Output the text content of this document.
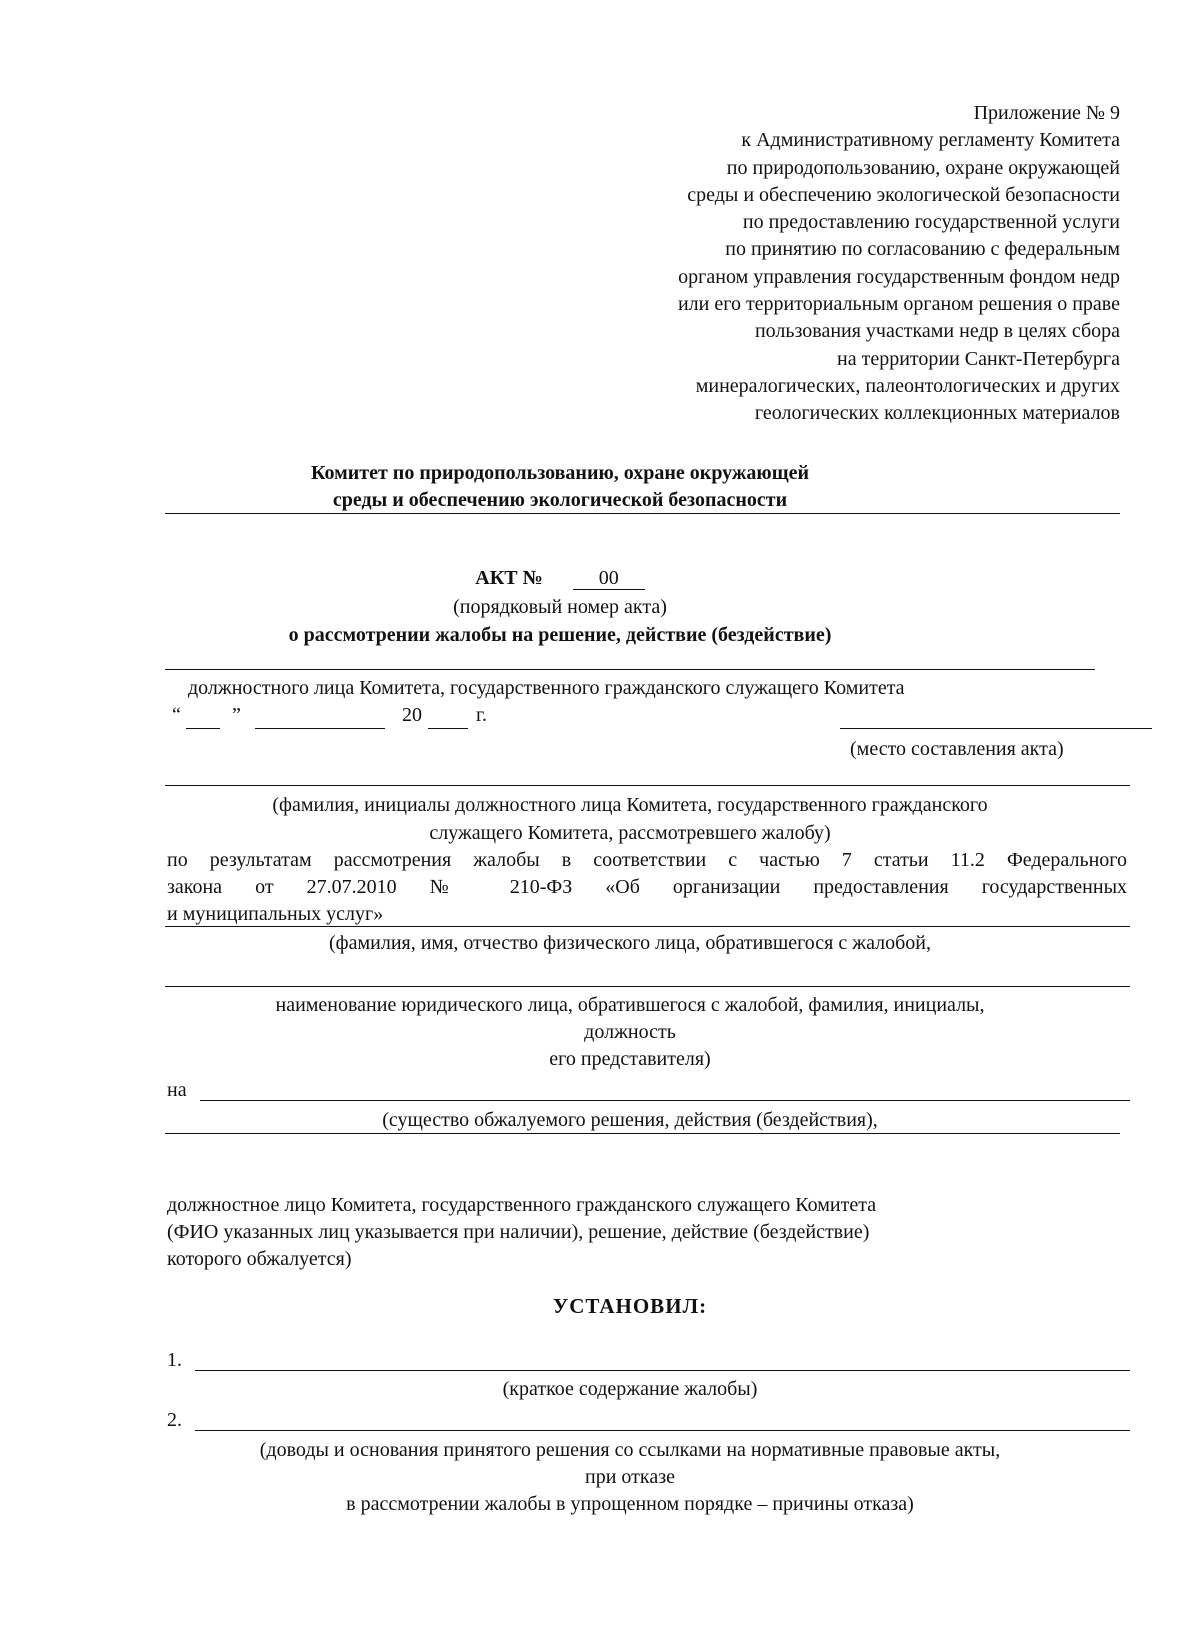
Приложение № 9
к Административному регламенту Комитета
по природопользованию, охране окружающей
среды и обеспечению экологической безопасности
по предоставлению государственной услуги
по принятию по согласованию с федеральным
органом управления государственным фондом недр
или его территориальным органом решения о праве
пользования участками недр в целях сбора
на территории Санкт-Петербурга
минералогических, палеонтологических и других
геологических коллекционных материалов
Комитет по природопользованию, охране окружающей
среды и обеспечению экологической безопасности
АКТ №	00
(порядковый номер акта)
о рассмотрении жалобы на решение, действие (бездействие)
должностного лица Комитета, государственного гражданского служащего Комитета
“	”	20	г.
(место составления акта)
(фамилия, инициалы должностного лица Комитета, государственного гражданского
служащего Комитета, рассмотревшего жалобу)
по результатам рассмотрения жалобы в соответствии с частью 7 статьи 11.2 Федерального
закона от 27.07.2010 № 210-ФЗ «Об организации предоставления государственных
и муниципальных услуг»
(фамилия, имя, отчество физического лица, обратившегося с жалобой,
наименование юридического лица, обратившегося с жалобой, фамилия, инициалы,
должность
его представителя)
на
(существо обжалуемого решения, действия (бездействия),
должностное лицо Комитета, государственного гражданского служащего Комитета
(ФИО указанных лиц указывается при наличии), решение, действие (бездействие)
которого обжалуется)
УСТАНОВИЛ:
1.
(краткое содержание жалобы)
2.
(доводы и основания принятого решения со ссылками на нормативные правовые акты,
при отказе
в рассмотрении жалобы в упрощенном порядке – причины отказа)
